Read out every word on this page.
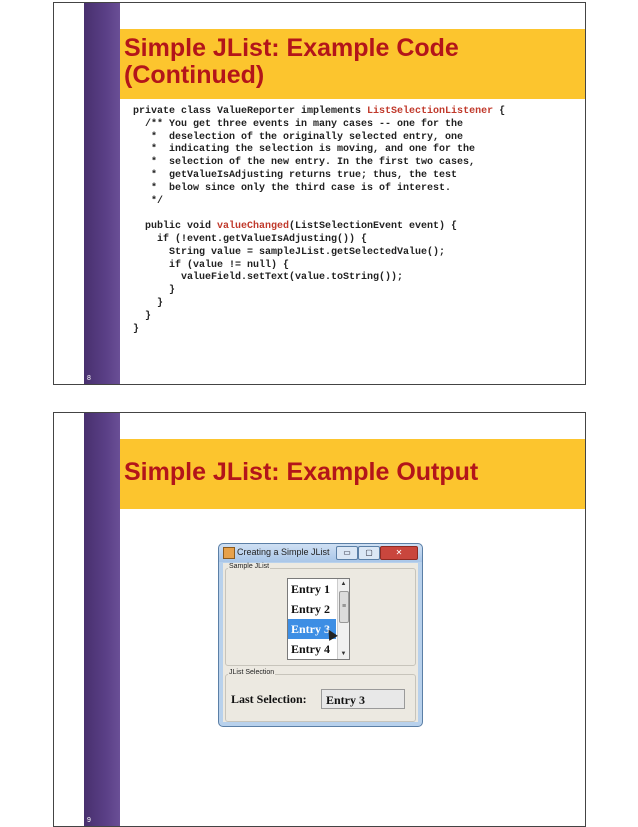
Simple JList: Example Code
(Continued)
private class ValueReporter implements ListSelectionListener {
/** You get three events in many cases -- one for the
*  deselection of the originally selected entry, one
*  indicating the selection is moving, and one for the
*  selection of the new entry. In the first two cases,
*  getValueIsAdjusting returns true; thus, the test
*  below since only the third case is of interest.
*/

public void valueChanged(ListSelectionEvent event) {
if (!event.getValueIsAdjusting()) {
String value = sampleJList.getSelectedValue();
if (value != null) {
valueField.setText(value.toString());
}
}
}
}
8
Simple JList: Example Output
Creating a Simple JList	▭	▢	✕
Sample JList
Entry 1
Entry 2
Entry 3
Entry 4
▲
≡
▼
JList Selection
Last Selection:	Entry 3
9
